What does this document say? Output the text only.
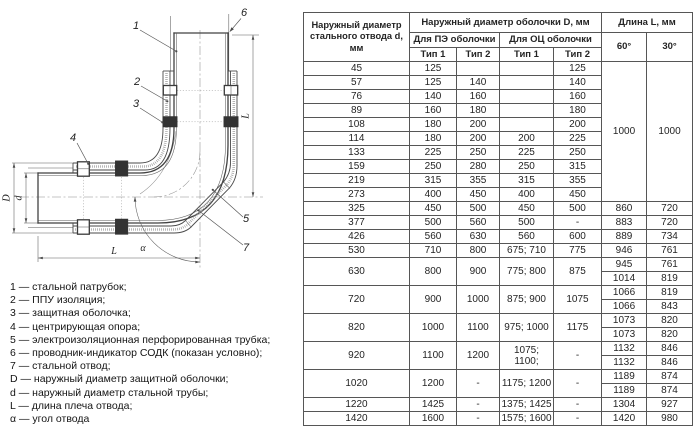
1
2
3
4
5
6
7
D d
L
L
α
1 — стальной патрубок;
2 — ППУ изоляция;
3 — защитная оболочка;
4 — центрирующая опора;
5 — электроизоляционная перфорированная трубка;
6 — проводник-индикатор СОДК (показан условно);
7 — стальной отвод;
D — наружный диаметр защитной оболочки;
d — наружный диаметр стальной трубы;
L — длина плеча отвода;
α — угол отвода
Наружный диаметр стального отвода d, мм	Наружный диаметр оболочки D, мм				Длина L, мм	
	Для ПЭ оболочки		Для ОЦ оболочки		60°	30°
	Тип 1	Тип 2	Тип 1	Тип 2		
45	125			125	1000	1000
57	125	140		140		
76	140	160		160		
89	160	180		180		
108	180	200		200		
114	180	200	200	225		
133	225	250	225	250		
159	250	280	250	315		
219	315	355	315	355		
273	400	450	400	450		
325	450	500	450	500	860	720
377	500	560	500	-	883	720
426	560	630	560	600	889	734
530	710	800	675; 710	775	946	761
630	800	900	775; 800	875	945	761
					1014	819
720	900	1000	875; 900	1075	1066	819
					1066	843
820	1000	1100	975; 1000	1175	1073	820
					1073	820
920	1100	1200	1075; 1100;	-	1132	846
					1132	846
1020	1200	-	1175; 1200	-	1189	874
					1189	874
1220	1425	-	1375; 1425	-	1304	927
1420	1600	-	1575; 1600	-	1420	980
